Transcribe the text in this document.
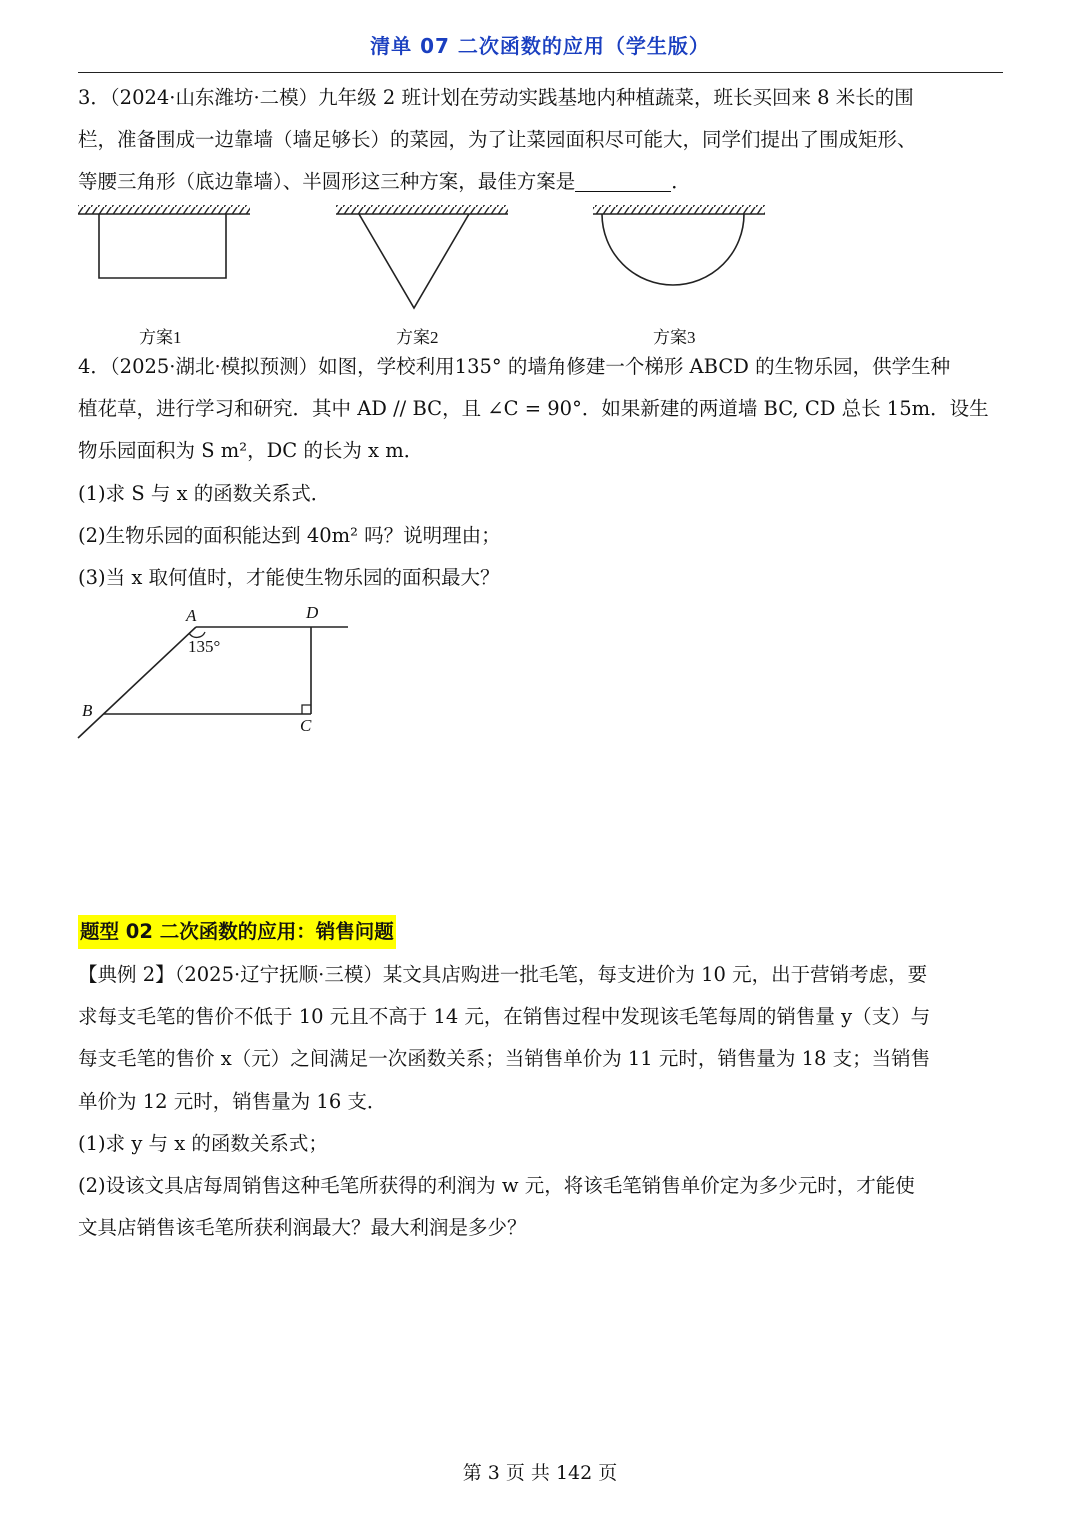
清单 07 二次函数的应用（学生版）
3．（2024·山东潍坊·二模）九年级 2 班计划在劳动实践基地内种植蔬菜，班长买回来 8 米长的围
栏，准备围成一边靠墙（墙足够长）的菜园，为了让菜园面积尽可能大，同学们提出了围成矩形、
等腰三角形（底边靠墙）、半圆形这三种方案，最佳方案是	．
方案1	方案2	方案3
4．（2025·湖北·模拟预测）如图，学校利用135° 的墙角修建一个梯形 ABCD 的生物乐园，供学生种
植花草，进行学习和研究．其中 AD // BC，且 ∠C = 90°．如果新建的两道墙 BC, CD 总长 15m．设生
物乐园面积为 S m²，DC 的长为 x m．
(1)求 S 与 x 的函数关系式．
(2)生物乐园的面积能达到 40m² 吗？说明理由；
(3)当 x 取何值时，才能使生物乐园的面积最大？
A	D
B
C
135°
题型 02 二次函数的应用：销售问题
【典例 2】（2025·辽宁抚顺·三模）某文具店购进一批毛笔，每支进价为 10 元，出于营销考虑，要
求每支毛笔的售价不低于 10 元且不高于 14 元，在销售过程中发现该毛笔每周的销售量 y（支）与
每支毛笔的售价 x（元）之间满足一次函数关系；当销售单价为 11 元时，销售量为 18 支；当销售
单价为 12 元时，销售量为 16 支．
(1)求 y 与 x 的函数关系式；
(2)设该文具店每周销售这种毛笔所获得的利润为 w 元，将该毛笔销售单价定为多少元时，才能使
文具店销售该毛笔所获利润最大？最大利润是多少？
第 3 页 共 142 页
